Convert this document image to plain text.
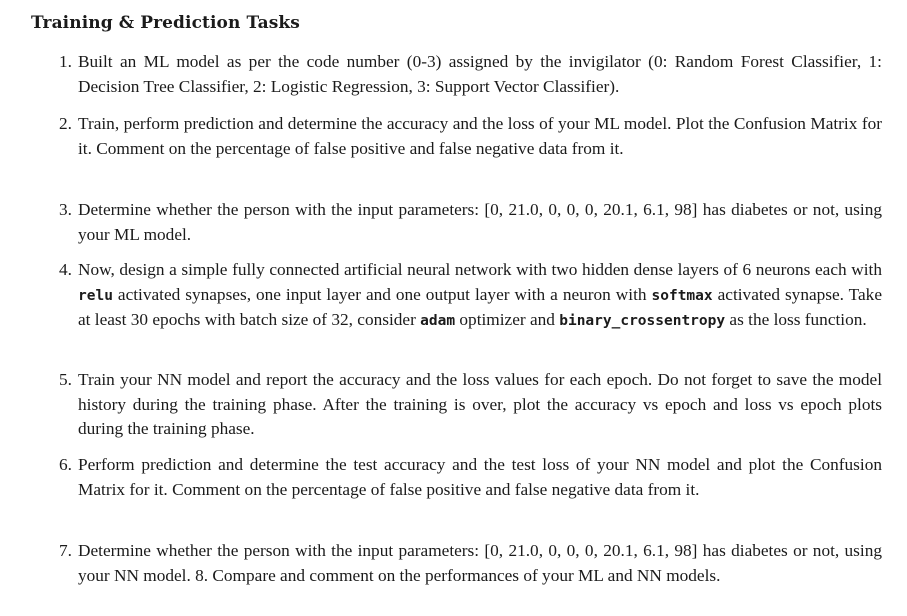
Training & Prediction Tasks
1. Built an ML model as per the code number (0-3) assigned by the invigilator (0: Random Forest Classifier, 1: Decision Tree Classifier, 2: Logistic Regression, 3: Support Vector Classifier).
2. Train, perform prediction and determine the accuracy and the loss of your ML model. Plot the Confusion Matrix for it. Comment on the percentage of false positive and false negative data from it.
3. Determine whether the person with the input parameters: [0, 21.0, 0, 0, 0, 20.1, 6.1, 98] has diabetes or not, using your ML model.
4. Now, design a simple fully connected artificial neural network with two hidden dense layers of 6 neurons each with relu activated synapses, one input layer and one output layer with a neuron with softmax activated synapse. Take at least 30 epochs with batch size of 32, consider adam optimizer and binary_crossentropy as the loss function.
5. Train your NN model and report the accuracy and the loss values for each epoch. Do not forget to save the model history during the training phase. After the training is over, plot the accuracy vs epoch and loss vs epoch plots during the training phase.
6. Perform prediction and determine the test accuracy and the test loss of your NN model and plot the Confusion Matrix for it. Comment on the percentage of false positive and false negative data from it.
7. Determine whether the person with the input parameters: [0, 21.0, 0, 0, 0, 20.1, 6.1, 98] has diabetes or not, using your NN model. 8. Compare and comment on the performances of your ML and NN models.
